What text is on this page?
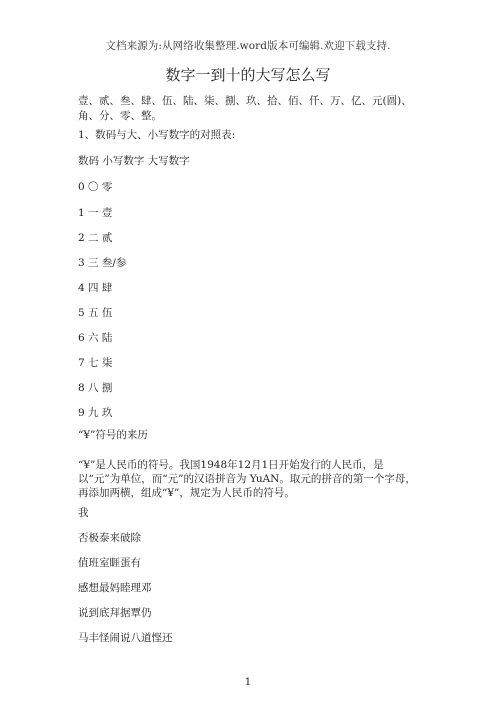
文档来源为:从网络收集整理.word版本可编辑.欢迎下载支持.
数字一到十的大写怎么写
壹、贰、叁、肆、伍、陆、柒、捌、玖、拾、佰、仟、万、亿、元(圆)、角、分、零、整。
1、数码与大、小写数字的对照表:
数码 小写数字 大写数字
0 〇 零
1 一 壹
2 二 贰
3 三 叁/参
4 四 肆
5 五 伍
6 六 陆
7 七 柒
8 八 捌
9 九 玖
“¥”符号的来历
“¥”是人民币的符号。我国1948年12月1日开始发行的人民币，是以“元”为单位，而“元”的汉语拼音为 YuAN。取元的拼音的第一个字母，再添加两横，组成“¥”，规定为人民币的符号。
我
否极泰来破除
值班室睚蛋有
感想最妈睦理邓
说到底拜据覃仍
马丰怪闹说八道悭还
1
